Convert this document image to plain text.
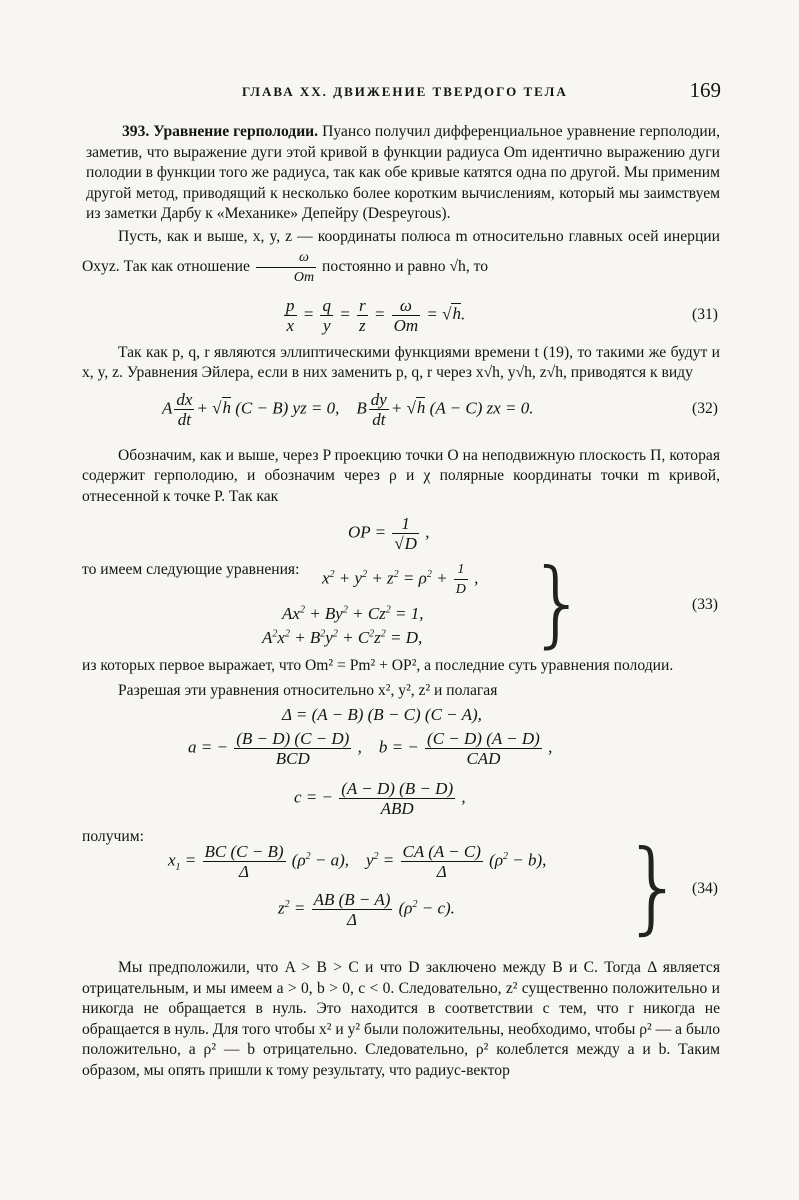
ГЛАВА XX. ДВИЖЕНИЕ ТВЕРДОГО ТЕЛА	169

393. Уравнение герполодии. Пуансо получил дифференциальное уравнение герполодии, заметив, что выражение дуги этой кривой в функции радиуса Om идентично выражению дуги полодии в функции того же радиуса, так как обе кривые катятся одна по другой. Мы применим другой метод, приводящий к несколько более коротким вычислениям, который мы заимствуем из заметки Дарбу к «Механике» Депейру (Despeyrous).

Пусть, как и выше, x, y, z — координаты полюса m относительно главных осей инерции Oxyz. Так как отношение $\frac{\omega}{Om}$ постоянно и равно √h, то

$\frac{p}{x} = \frac{q}{y} = \frac{r}{z} = \frac{\omega}{Om} = √h$.	(31)

Так как p, q, r являются эллиптическими функциями времени t (19), то такими же будут и x, y, z. Уравнения Эйлера, если в них заменить p, q, r через x√h, y√h, z√h, приводятся к виду

A $\frac{dx}{dt} + √h$ (C − B) yz = 0,    B $\frac{dy}{dt} + √h$ (A − C) zx = 0.	(32)

Обозначим, как и выше, через P проекцию точки O на неподвижную плоскость П, которая содержит герполодию, и обозначим через ρ и χ полярные координаты точки m кривой, отнесенной к точке P. Так как

OP = $\frac{1}{√D}$ ,

то имеем следующие уравнения:	$x^2 + y^2 + z^2 = \rho^2 + \frac{1}{D}$ ,
$Ax^2 + By^2 + Cz^2 = 1$,
$A^2x^2 + B^2y^2 + C^2z^2 = D$, }	(33)

из которых первое выражает, что Om² = Pm² + OP², а последние суть уравнения полодии.

Разрешая эти уравнения относительно x², y², z² и полагая

Δ = (A − B) (B − C) (C − A),
a = − $\frac{(B - D) (C - D)}{\text{BCD}}$ ,    b = − $\frac{(C - D) (A - D)}{\text{CAD}}$ ,
c = − $\frac{(A - D) (B - D)}{\text{ABD}}$ ,

получим:

$x_1 = \frac{BC (C - B)}{\Delta} (\rho^2 - a)$,    $y^2 = \frac{CA (A - C)}{\Delta} (\rho^2 - b)$,
$z^2 = \frac{AB (B - A)}{\Delta} (\rho^2 - c)$. } (34)

Мы предположили, что A > B > C и что D заключено между B и C. Тогда Δ является отрицательным, и мы имеем a > 0, b > 0, c < 0. Следовательно, z² существенно положительно и никогда не обращается в нуль. Это находится в соответствии с тем, что r никогда не обращается в нуль. Для того чтобы x² и y² были положительны, необходимо, чтобы ρ² — a было положительно, а ρ² — b отрицательно. Следовательно, ρ² колеблется между a и b. Таким образом, мы опять пришли к тому результату, что радиус-вектор
